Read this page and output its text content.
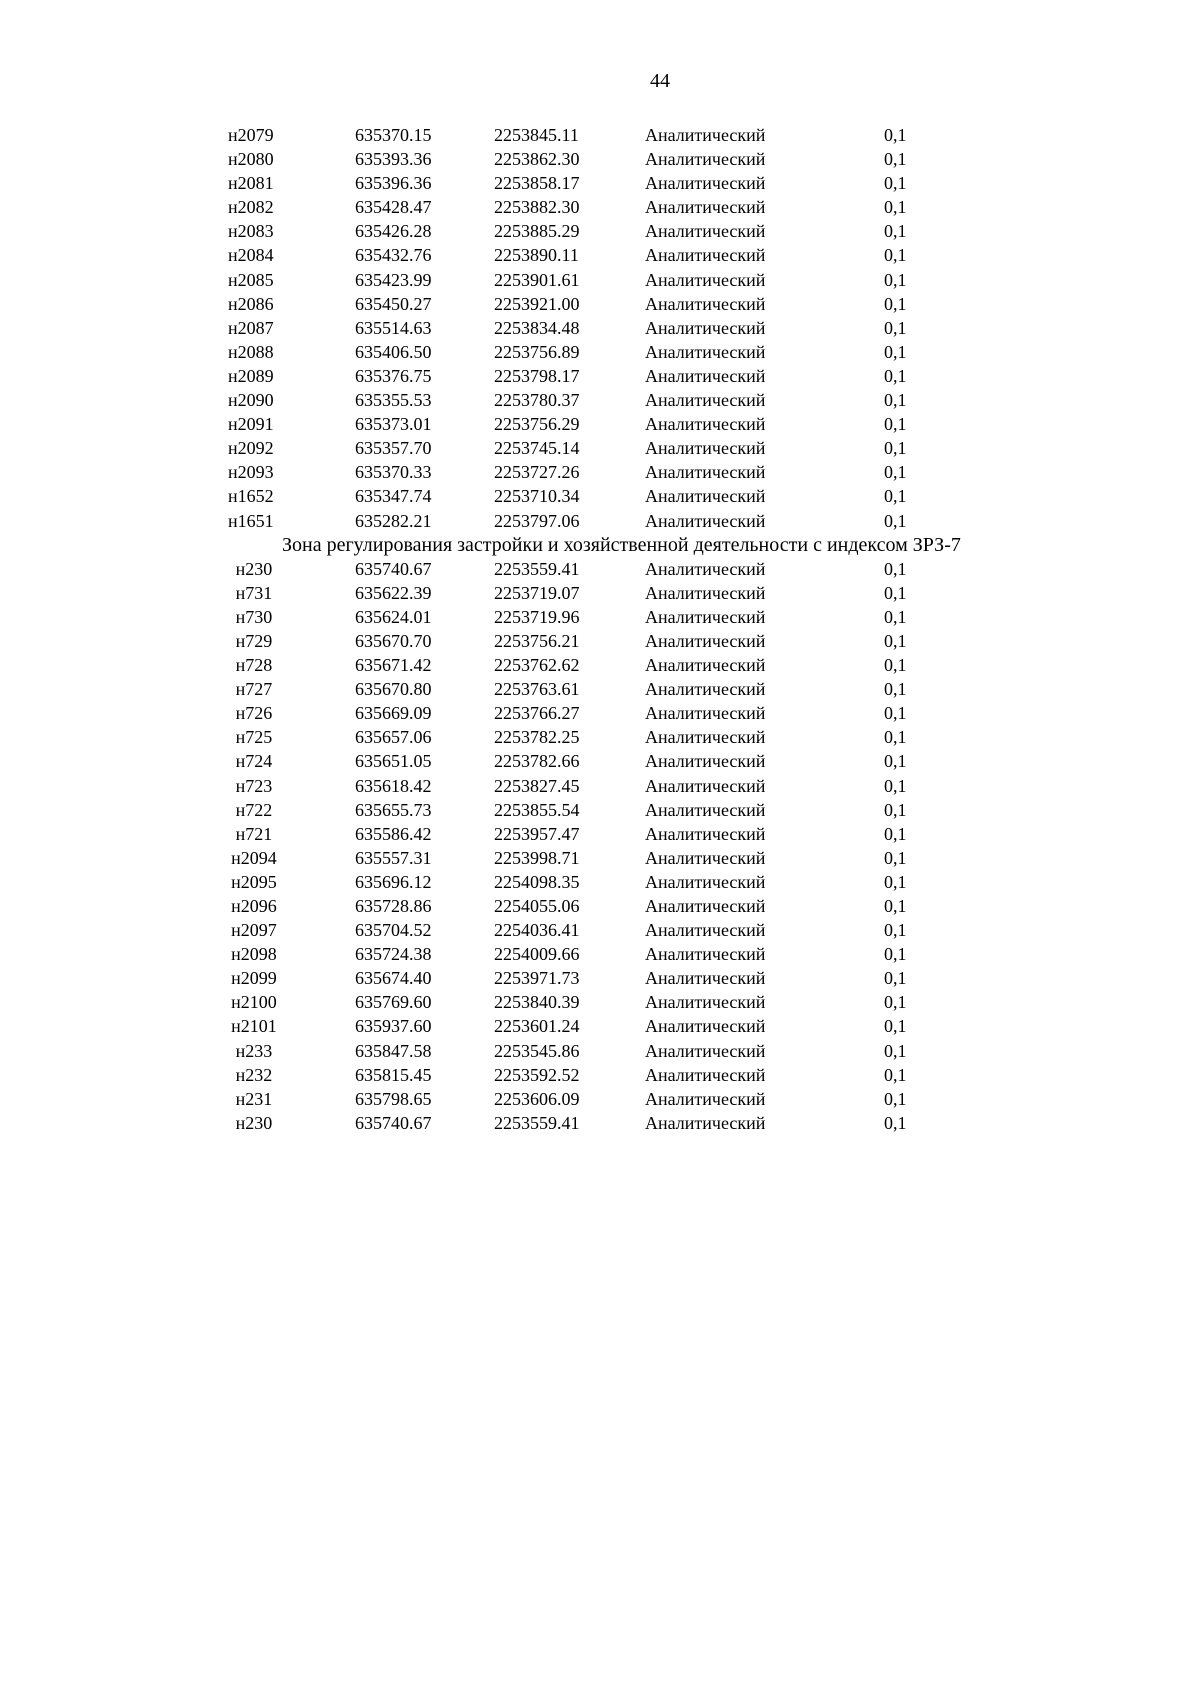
44
н2079	635370.15	2253845.11	Аналитический	0,1
н2080	635393.36	2253862.30	Аналитический	0,1
н2081	635396.36	2253858.17	Аналитический	0,1
н2082	635428.47	2253882.30	Аналитический	0,1
н2083	635426.28	2253885.29	Аналитический	0,1
н2084	635432.76	2253890.11	Аналитический	0,1
н2085	635423.99	2253901.61	Аналитический	0,1
н2086	635450.27	2253921.00	Аналитический	0,1
н2087	635514.63	2253834.48	Аналитический	0,1
н2088	635406.50	2253756.89	Аналитический	0,1
н2089	635376.75	2253798.17	Аналитический	0,1
н2090	635355.53	2253780.37	Аналитический	0,1
н2091	635373.01	2253756.29	Аналитический	0,1
н2092	635357.70	2253745.14	Аналитический	0,1
н2093	635370.33	2253727.26	Аналитический	0,1
н1652	635347.74	2253710.34	Аналитический	0,1
н1651	635282.21	2253797.06	Аналитический	0,1
Зона регулирования застройки и хозяйственной деятельности с индексом ЗРЗ-7
н230	635740.67	2253559.41	Аналитический	0,1
н731	635622.39	2253719.07	Аналитический	0,1
н730	635624.01	2253719.96	Аналитический	0,1
н729	635670.70	2253756.21	Аналитический	0,1
н728	635671.42	2253762.62	Аналитический	0,1
н727	635670.80	2253763.61	Аналитический	0,1
н726	635669.09	2253766.27	Аналитический	0,1
н725	635657.06	2253782.25	Аналитический	0,1
н724	635651.05	2253782.66	Аналитический	0,1
н723	635618.42	2253827.45	Аналитический	0,1
н722	635655.73	2253855.54	Аналитический	0,1
н721	635586.42	2253957.47	Аналитический	0,1
н2094	635557.31	2253998.71	Аналитический	0,1
н2095	635696.12	2254098.35	Аналитический	0,1
н2096	635728.86	2254055.06	Аналитический	0,1
н2097	635704.52	2254036.41	Аналитический	0,1
н2098	635724.38	2254009.66	Аналитический	0,1
н2099	635674.40	2253971.73	Аналитический	0,1
н2100	635769.60	2253840.39	Аналитический	0,1
н2101	635937.60	2253601.24	Аналитический	0,1
н233	635847.58	2253545.86	Аналитический	0,1
н232	635815.45	2253592.52	Аналитический	0,1
н231	635798.65	2253606.09	Аналитический	0,1
н230	635740.67	2253559.41	Аналитический	0,1
